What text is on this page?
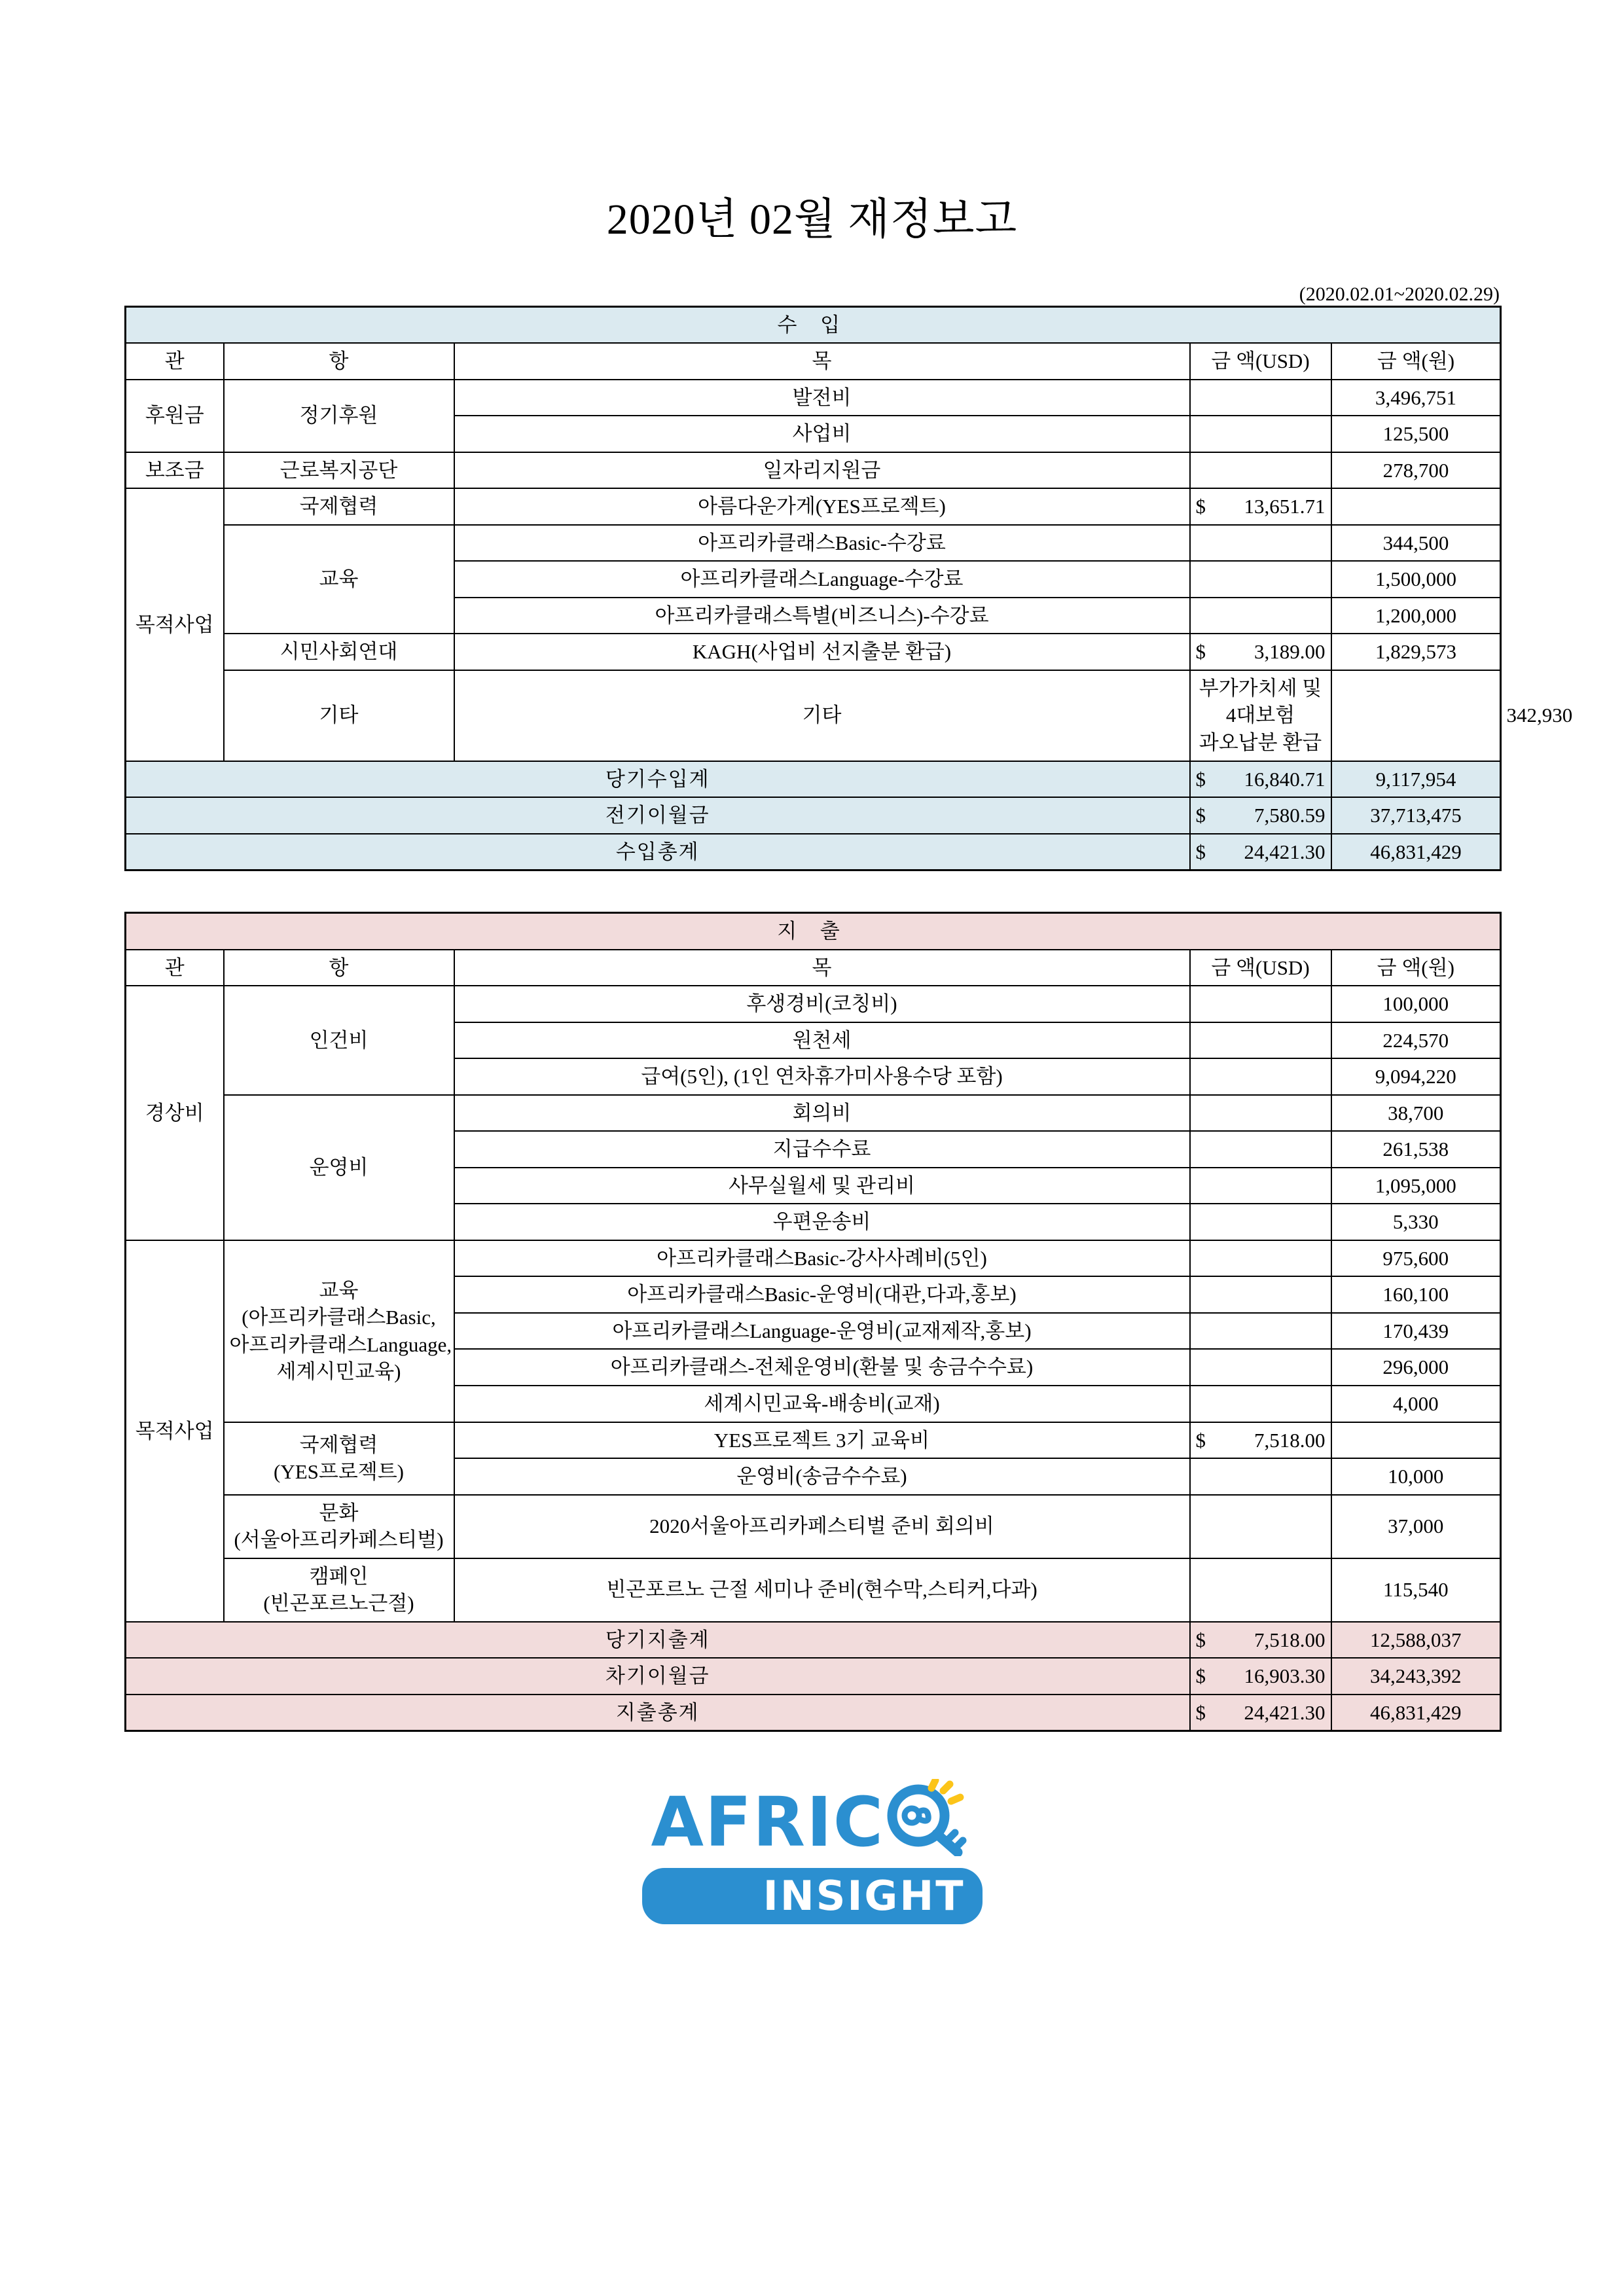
2020년 02월 재정보고
(2020.02.01~2020.02.29)
수 입					
관	항	목	금 액(USD)	금 액(원)	
후원금	정기후원	발전비		3,496,751	
		사업비		125,500	
보조금	근로복지공단	일자리지원금		278,700	
목적사업	국제협력	아름다운가게(YES프로젝트)	$ 13,651.71		

	교육	아프리카클래스Basic-수강료		344,500	
		아프리카클래스Language-수강료		1,500,000	
		아프리카클래스특별(비즈니스)-수강료		1,200,000	
	시민사회연대	KAGH(사업비 선지출분 환급)	$ 3,189.00	1,829,573	
	기타	기타	부가가치세 및 4대보험 과오납분 환급		342,930
당기수입계			$ 16,840.71	9,117,954	
전기이월금			$ 7,580.59	37,713,475	
수입총계			$ 24,421.30	46,831,429	
지 출				
관	항	목	금 액(USD)	금 액(원)
경상비	인건비	후생경비(코칭비)		100,000
		원천세		224,570
		급여(5인), (1인 연차휴가미사용수당 포함)		9,094,220
	운영비	회의비		38,700
		지급수수료		261,538
		사무실월세 및 관리비		1,095,000
		우편운송비		5,330
목적사업	교육
(아프리카클래스Basic,
아프리카클래스Language,
세계시민교육)	아프리카클래스Basic-강사사례비(5인)		975,600
		아프리카클래스Basic-운영비(대관,다과,홍보)		160,100
		아프리카클래스Language-운영비(교재제작,홍보)		170,439
		아프리카클래스-전체운영비(환불 및 송금수수료)		296,000
		세계시민교육-배송비(교재)		4,000
	국제협력
(YES프로젝트)	YES프로젝트 3기 교육비	$ 7,518.00	

		운영비(송금수수료)		10,000
	문화
(서울아프리카페스티벌)	2020서울아프리카페스티벌 준비 회의비		37,000
	캠페인
(빈곤포르노근절)	빈곤포르노 근절 세미나 준비(현수막,스티커,다과)		115,540
당기지출계			$ 7,518.00	12,588,037
차기이월금			$ 16,903.30	34,243,392
지출총계			$ 24,421.30	46,831,429
AFRIC
INSIGHT
